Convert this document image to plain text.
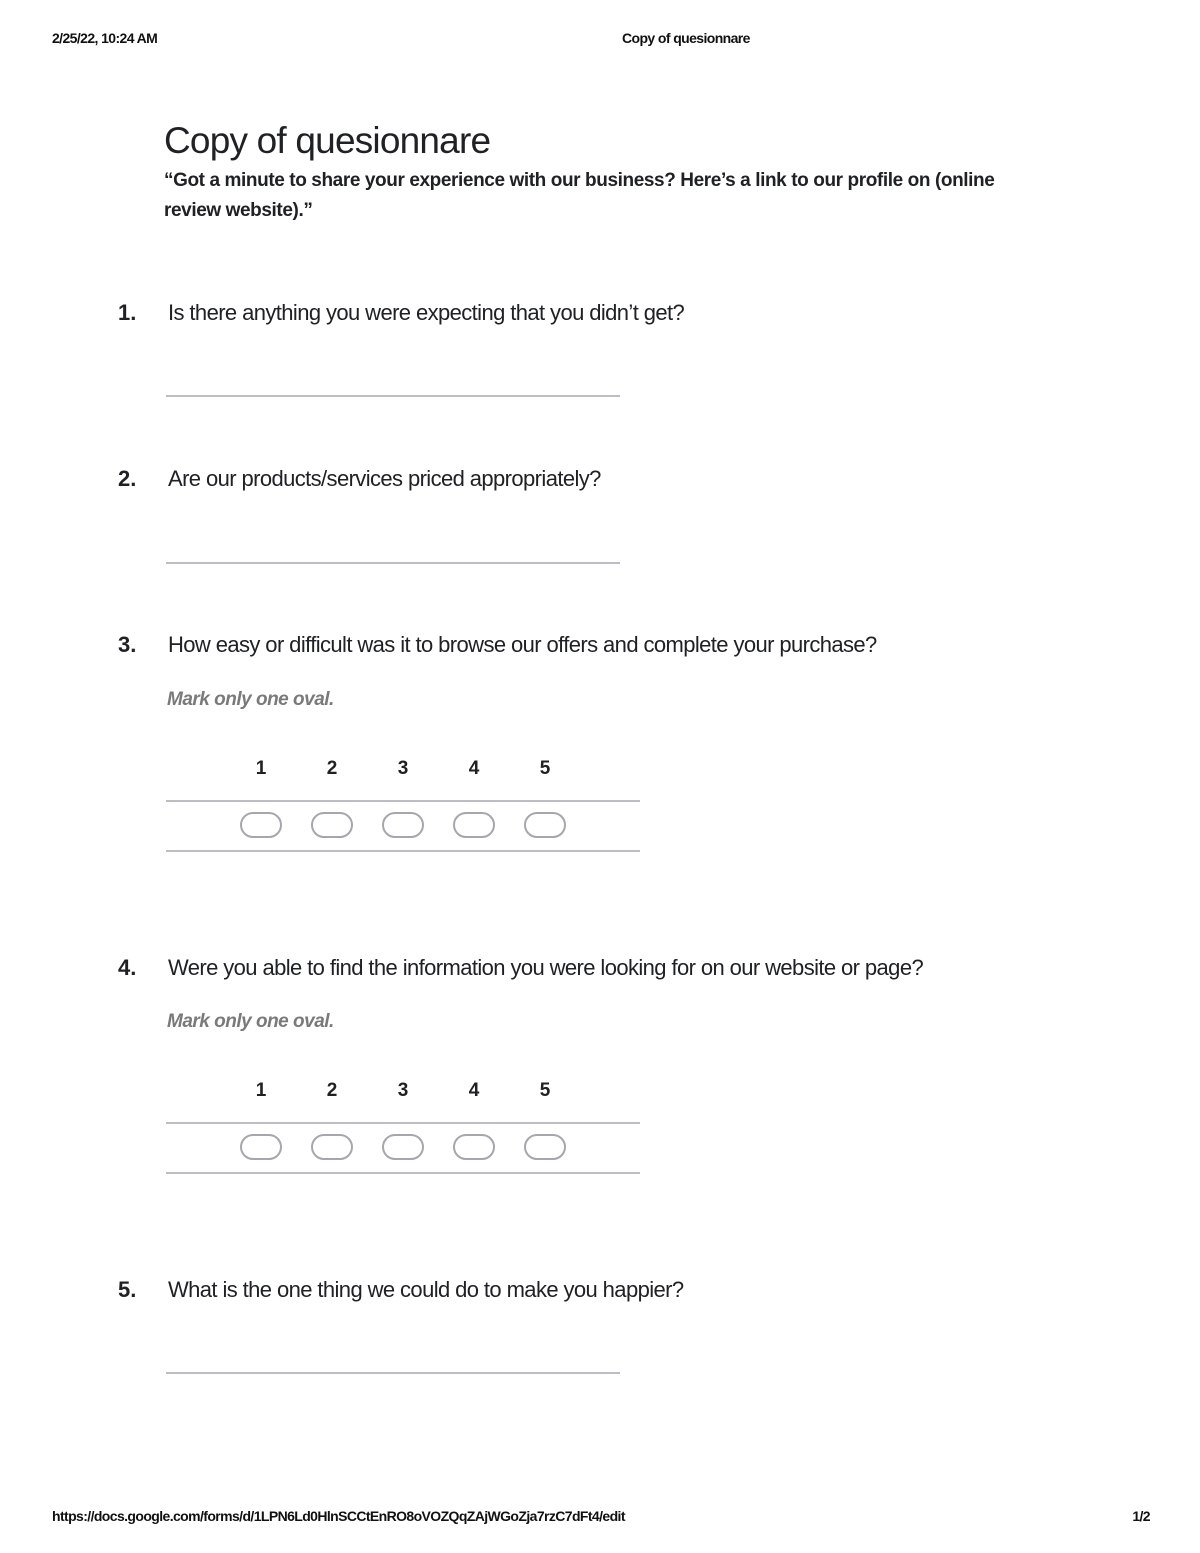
2/25/22, 10:24 AM	Copy of quesionnare
Copy of quesionnare
“Got a minute to share your experience with our business? Here’s a link to our profile on (online review website).”
1. Is there anything you were expecting that you didn’t get?
2. Are our products/services priced appropriately?
3. How easy or difficult was it to browse our offers and complete your purchase?
Mark only one oval.
1	2	3	4	5
4. Were you able to find the information you were looking for on our website or page?
Mark only one oval.
1	2	3	4	5
5. What is the one thing we could do to make you happier?
https://docs.google.com/forms/d/1LPN6Ld0HlnSCCtEnRO8oVOZQqZAjWGoZja7rzC7dFt4/edit	1/2
